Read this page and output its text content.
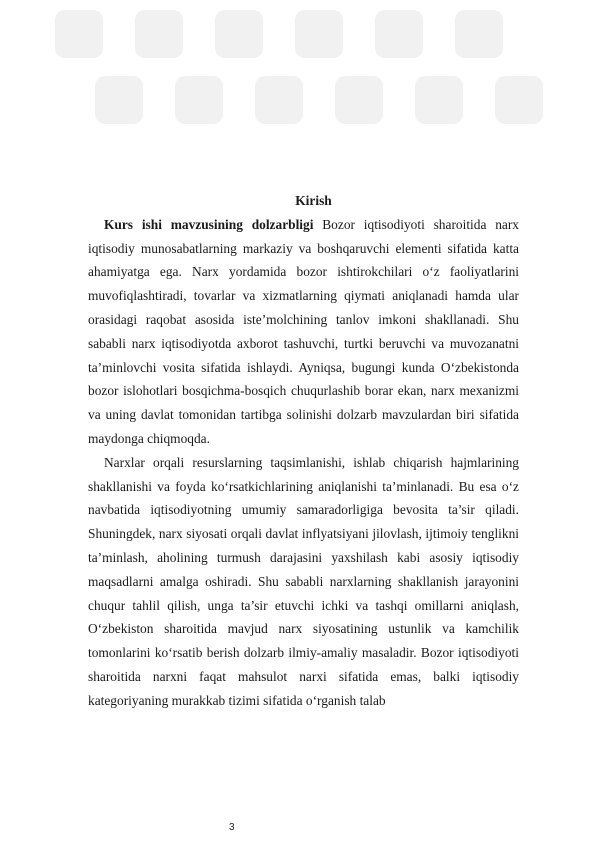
Kirish

Kurs ishi mavzusining dolzarbligi Bozor iqtisodiyoti sharoitida narx iqtisodiy munosabatlarning markaziy va boshqaruvchi elementi sifatida katta ahamiyatga ega. Narx yordamida bozor ishtirokchilari o‘z faoliyatlarini muvofiqlashtiradi, tovarlar va xizmatlarning qiymati aniqlanadi hamda ular orasidagi raqobat asosida iste’molchining tanlov imkoni shakllanadi. Shu sababli narx iqtisodiyotda axborot tashuvchi, turtki beruvchi va muvozanatni ta’minlovchi vosita sifatida ishlaydi. Ayniqsa, bugungi kunda O‘zbekistonda bozor islohotlari bosqichma-bosqich chuqurlashib borar ekan, narx mexanizmi va uning davlat tomonidan tartibga solinishi dolzarb mavzulardan biri sifatida maydonga chiqmoqda.

Narxlar orqali resurslarning taqsimlanishi, ishlab chiqarish hajmlarining shakllanishi va foyda ko‘rsatkichlarining aniqlanishi ta’minlanadi. Bu esa o‘z navbatida iqtisodiyotning umumiy samaradorligiga bevosita ta’sir qiladi. Shuningdek, narx siyosati orqali davlat inflyatsiyani jilovlash, ijtimoiy tenglikni ta’minlash, aholining turmush darajasini yaxshilash kabi asosiy iqtisodiy maqsadlarni amalga oshiradi. Shu sababli narxlarning shakllanish jarayonini chuqur tahlil qilish, unga ta’sir etuvchi ichki va tashqi omillarni aniqlash, O‘zbekiston sharoitida mavjud narx siyosatining ustunlik va kamchilik tomonlarini ko‘rsatib berish dolzarb ilmiy-amaliy masaladir. Bozor iqtisodiyoti sharoitida narxni faqat mahsulot narxi sifatida emas, balki iqtisodiy kategoriyaning murakkab tizimi sifatida o‘rganish talab

3
